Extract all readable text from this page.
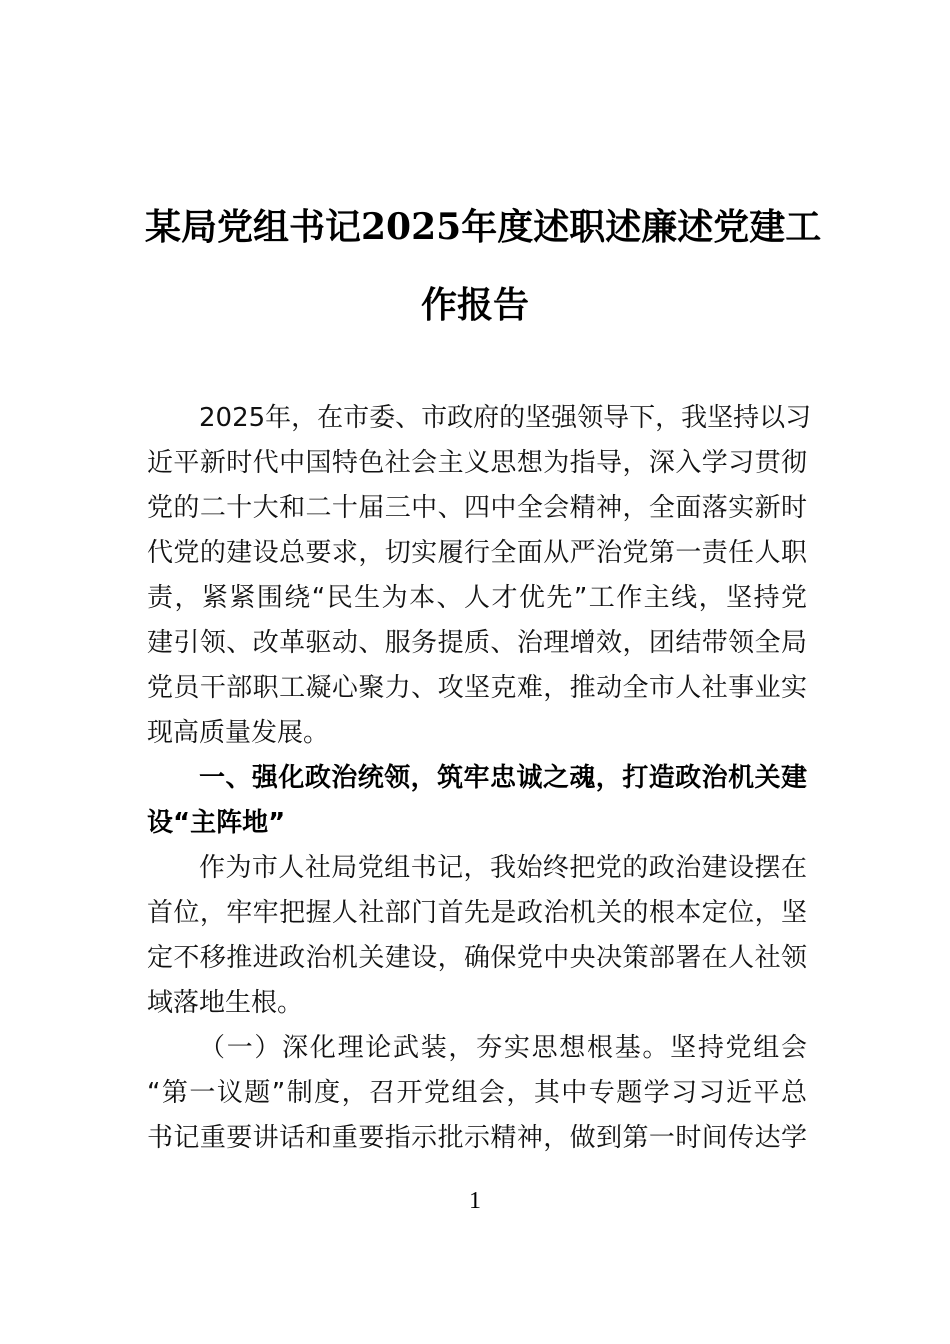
某局党组书记2025年度述职述廉述党建工
作报告
2025年，在市委、市政府的坚强领导下，我坚持以习
近平新时代中国特色社会主义思想为指导，深入学习贯彻
党的二十大和二十届三中、四中全会精神，全面落实新时
代党的建设总要求，切实履行全面从严治党第一责任人职
责，紧紧围绕“民生为本、人才优先”工作主线，坚持党
建引领、改革驱动、服务提质、治理增效，团结带领全局
党员干部职工凝心聚力、攻坚克难，推动全市人社事业实
现高质量发展。
一、强化政治统领，筑牢忠诚之魂，打造政治机关建
设“主阵地”
作为市人社局党组书记，我始终把党的政治建设摆在
首位，牢牢把握人社部门首先是政治机关的根本定位，坚
定不移推进政治机关建设，确保党中央决策部署在人社领
域落地生根。
（一）深化理论武装，夯实思想根基。坚持党组会
“第一议题”制度，召开党组会，其中专题学习习近平总
书记重要讲话和重要指示批示精神，做到第一时间传达学
1
